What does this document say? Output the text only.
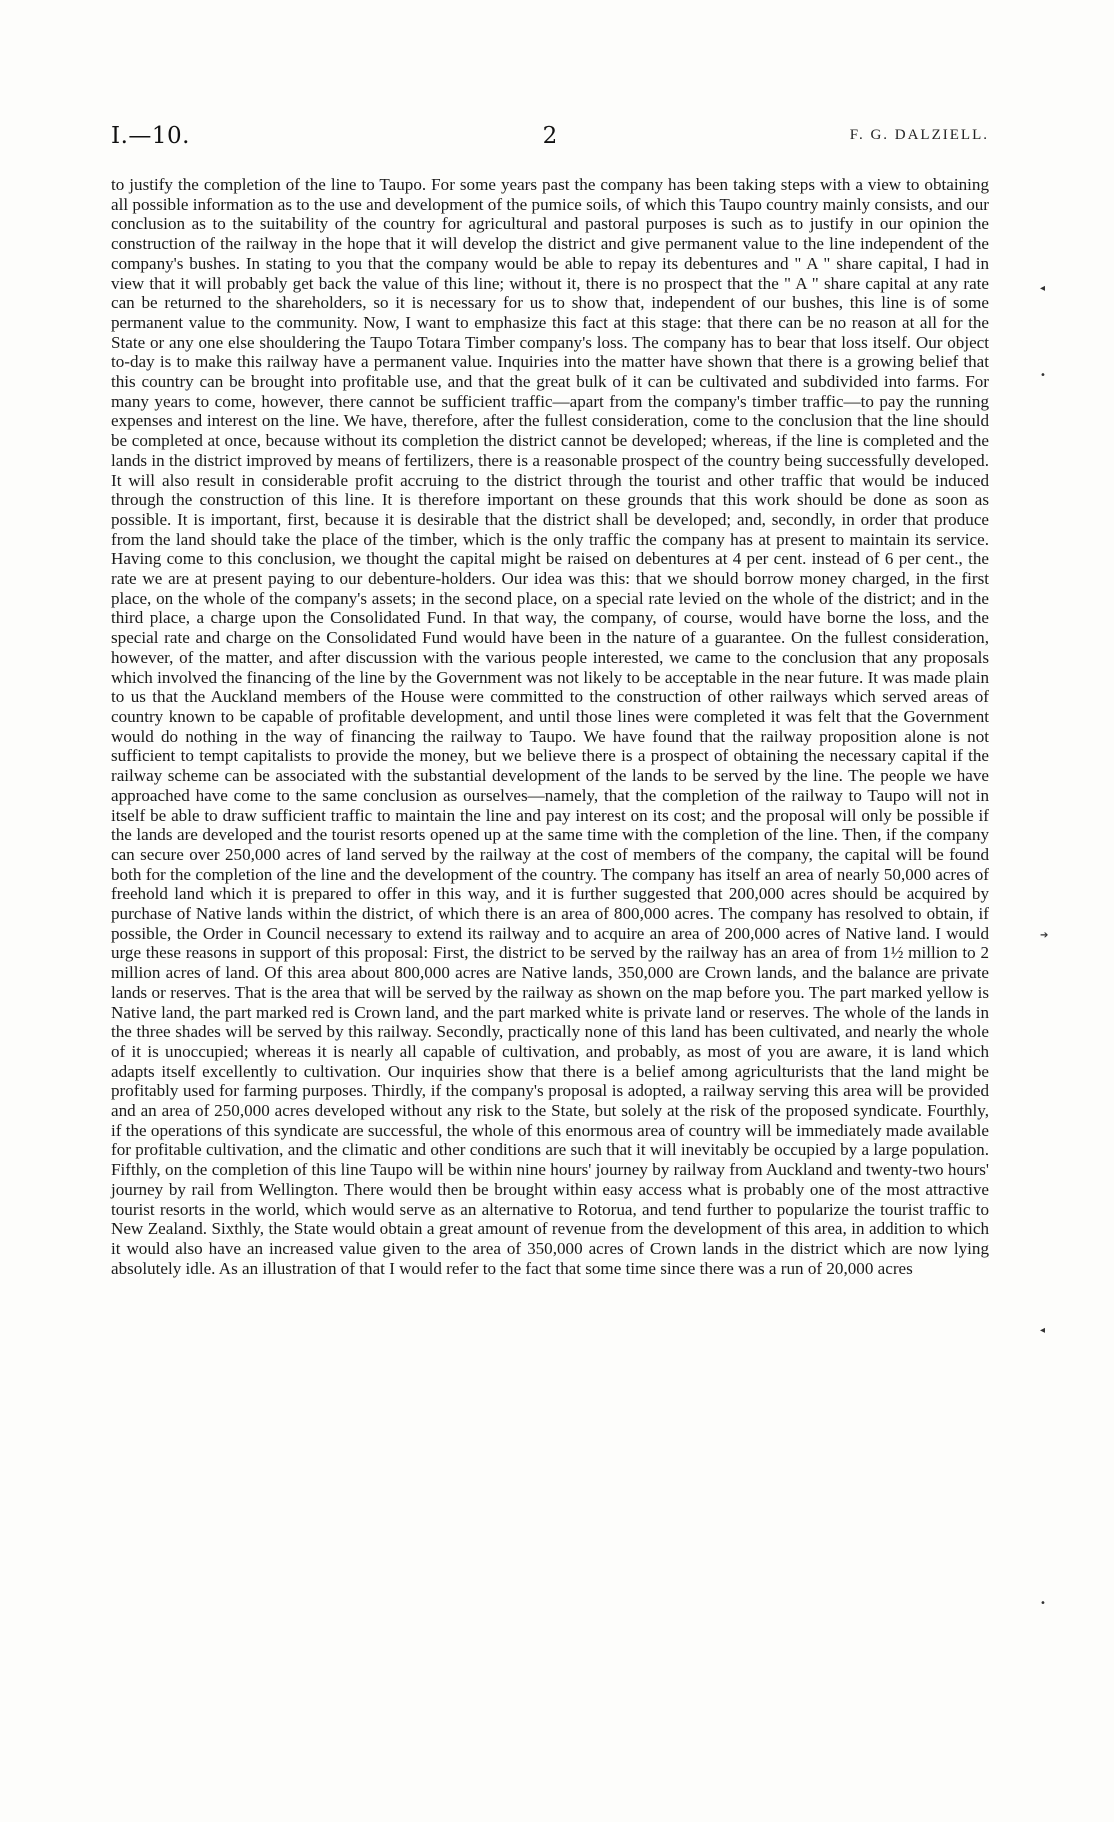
I.—10.	2	F. G. DALZIELL.

to justify the completion of the line to Taupo. For some years past the company has been taking steps with a view to obtaining all possible information as to the use and development of the pumice soils, of which this Taupo country mainly consists, and our conclusion as to the suitability of the country for agricultural and pastoral purposes is such as to justify in our opinion the construction of the railway in the hope that it will develop the district and give permanent value to the line independent of the company's bushes. In stating to you that the company would be able to repay its debentures and " A " share capital, I had in view that it will probably get back the value of this line; without it, there is no prospect that the " A " share capital at any rate can be returned to the shareholders, so it is necessary for us to show that, independent of our bushes, this line is of some permanent value to the community. Now, I want to emphasize this fact at this stage: that there can be no reason at all for the State or any one else shouldering the Taupo Totara Timber company's loss. The company has to bear that loss itself. Our object to-day is to make this railway have a permanent value. Inquiries into the matter have shown that there is a growing belief that this country can be brought into profitable use, and that the great bulk of it can be cultivated and subdivided into farms. For many years to come, however, there cannot be sufficient traffic—apart from the company's timber traffic—to pay the running expenses and interest on the line. We have, therefore, after the fullest consideration, come to the conclusion that the line should be completed at once, because without its completion the district cannot be developed; whereas, if the line is completed and the lands in the district improved by means of fertilizers, there is a reasonable prospect of the country being successfully developed. It will also result in considerable profit accruing to the district through the tourist and other traffic that would be induced through the construction of this line. It is therefore important on these grounds that this work should be done as soon as possible. It is important, first, because it is desirable that the district shall be developed; and, secondly, in order that produce from the land should take the place of the timber, which is the only traffic the company has at present to maintain its service. Having come to this conclusion, we thought the capital might be raised on debentures at 4 per cent. instead of 6 per cent., the rate we are at present paying to our debenture-holders. Our idea was this: that we should borrow money charged, in the first place, on the whole of the company's assets; in the second place, on a special rate levied on the whole of the district; and in the third place, a charge upon the Consolidated Fund. In that way, the company, of course, would have borne the loss, and the special rate and charge on the Consolidated Fund would have been in the nature of a guarantee. On the fullest consideration, however, of the matter, and after discussion with the various people interested, we came to the conclusion that any proposals which involved the financing of the line by the Government was not likely to be acceptable in the near future. It was made plain to us that the Auckland members of the House were committed to the construction of other railways which served areas of country known to be capable of profitable development, and until those lines were completed it was felt that the Government would do nothing in the way of financing the railway to Taupo. We have found that the railway proposition alone is not sufficient to tempt capitalists to provide the money, but we believe there is a prospect of obtaining the necessary capital if the railway scheme can be associated with the substantial development of the lands to be served by the line. The people we have approached have come to the same conclusion as ourselves—namely, that the completion of the railway to Taupo will not in itself be able to draw sufficient traffic to maintain the line and pay interest on its cost; and the proposal will only be possible if the lands are developed and the tourist resorts opened up at the same time with the completion of the line. Then, if the company can secure over 250,000 acres of land served by the railway at the cost of members of the company, the capital will be found both for the completion of the line and the development of the country. The company has itself an area of nearly 50,000 acres of freehold land which it is prepared to offer in this way, and it is further suggested that 200,000 acres should be acquired by purchase of Native lands within the district, of which there is an area of 800,000 acres. The company has resolved to obtain, if possible, the Order in Council necessary to extend its railway and to acquire an area of 200,000 acres of Native land. I would urge these reasons in support of this proposal: First, the district to be served by the railway has an area of from 1½ million to 2 million acres of land. Of this area about 800,000 acres are Native lands, 350,000 are Crown lands, and the balance are private lands or reserves. That is the area that will be served by the railway as shown on the map before you. The part marked yellow is Native land, the part marked red is Crown land, and the part marked white is private land or reserves. The whole of the lands in the three shades will be served by this railway. Secondly, practically none of this land has been cultivated, and nearly the whole of it is unoccupied; whereas it is nearly all capable of cultivation, and probably, as most of you are aware, it is land which adapts itself excellently to cultivation. Our inquiries show that there is a belief among agriculturists that the land might be profitably used for farming purposes. Thirdly, if the company's proposal is adopted, a railway serving this area will be provided and an area of 250,000 acres developed without any risk to the State, but solely at the risk of the proposed syndicate. Fourthly, if the operations of this syndicate are successful, the whole of this enormous area of country will be immediately made available for profitable cultivation, and the climatic and other conditions are such that it will inevitably be occupied by a large population. Fifthly, on the completion of this line Taupo will be within nine hours' journey by railway from Auckland and twenty-two hours' journey by rail from Wellington. There would then be brought within easy access what is probably one of the most attractive tourist resorts in the world, which would serve as an alternative to Rotorua, and tend further to popularize the tourist traffic to New Zealand. Sixthly, the State would obtain a great amount of revenue from the development of this area, in addition to which it would also have an increased value given to the area of 350,000 acres of Crown lands in the district which are now lying absolutely idle. As an illustration of that I would refer to the fact that some time since there was a run of 20,000 acres

◂
•
➔
◂
•
